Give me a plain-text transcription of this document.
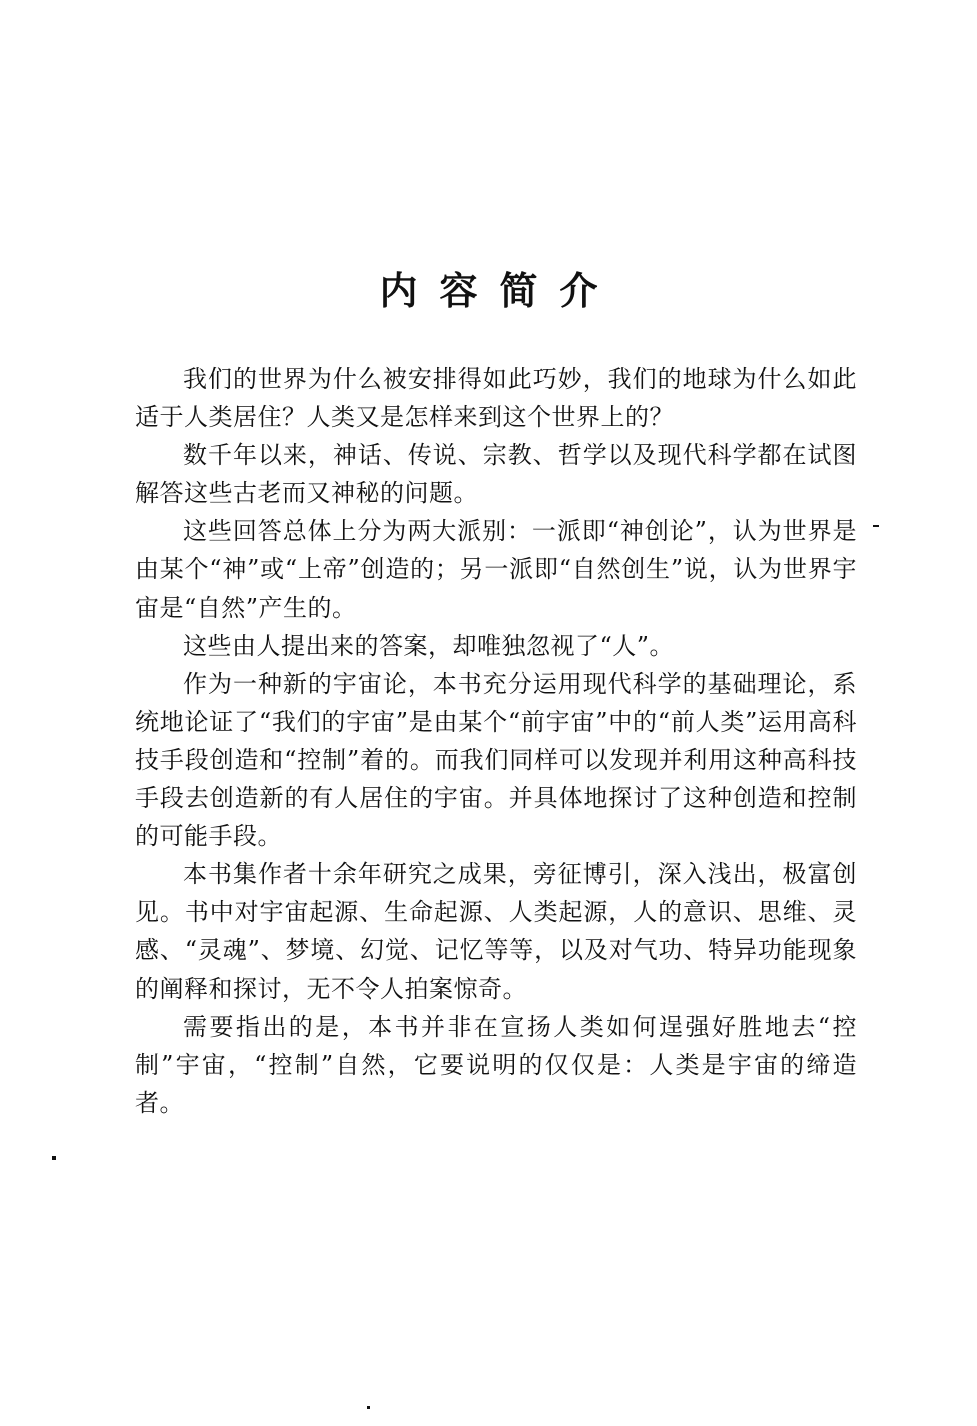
内容简介

我们的世界为什么被安排得如此巧妙，我们的地球为什么如此适于人类居住？人类又是怎样来到这个世界上的？

数千年以来，神话、传说、宗教、哲学以及现代科学都在试图解答这些古老而又神秘的问题。

这些回答总体上分为两大派别：一派即“神创论”，认为世界是由某个“神”或“上帝”创造的；另一派即“自然创生”说，认为世界宇宙是“自然”产生的。

这些由人提出来的答案，却唯独忽视了“人”。

作为一种新的宇宙论，本书充分运用现代科学的基础理论，系统地论证了“我们的宇宙”是由某个“前宇宙”中的“前人类”运用高科技手段创造和“控制”着的。而我们同样可以发现并利用这种高科技手段去创造新的有人居住的宇宙。并具体地探讨了这种创造和控制的可能手段。

本书集作者十余年研究之成果，旁征博引，深入浅出，极富创见。书中对宇宙起源、生命起源、人类起源，人的意识、思维、灵感、“灵魂”、梦境、幻觉、记忆等等，以及对气功、特异功能现象的阐释和探讨，无不令人拍案惊奇。

需要指出的是，本书并非在宣扬人类如何逞强好胜地去“控制”宇宙，“控制”自然，它要说明的仅仅是：人类是宇宙的缔造者。
